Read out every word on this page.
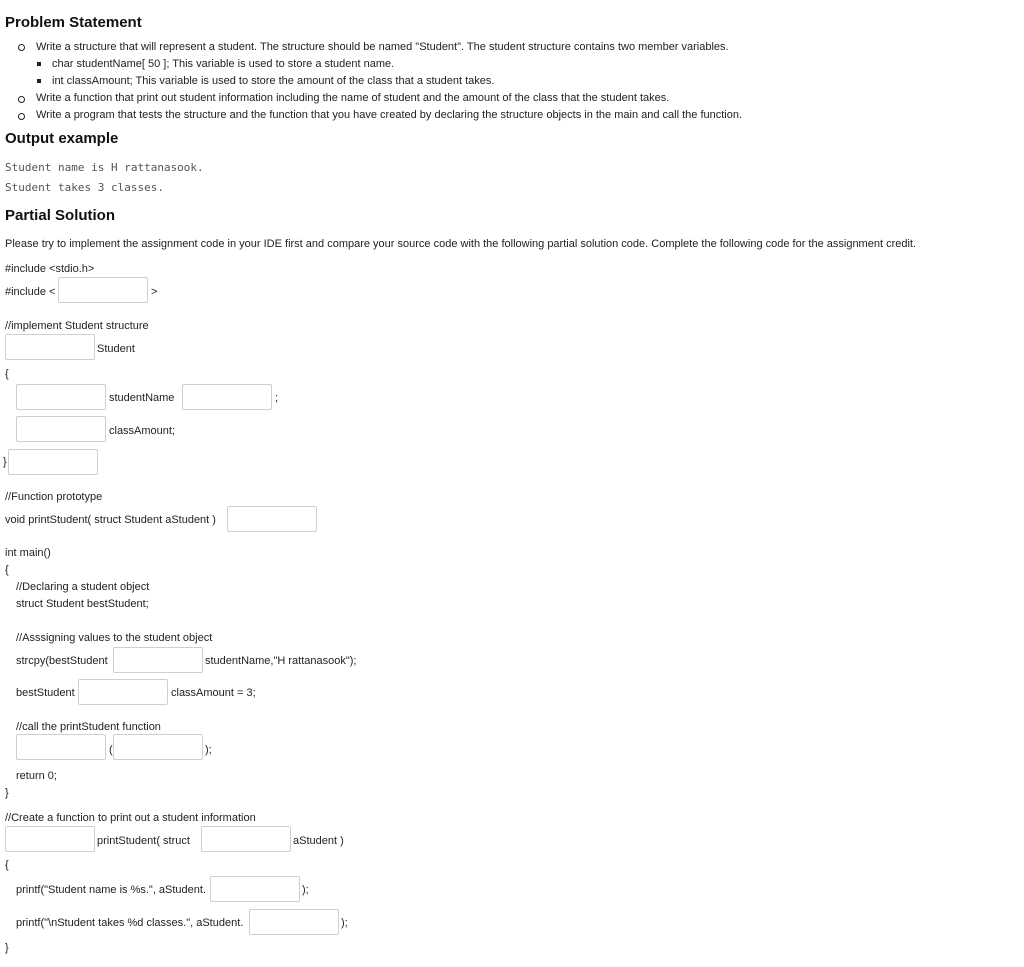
Problem Statement
Write a structure that will represent a student. The structure should be named "Student". The student structure contains two member variables.
char studentName[ 50 ]; This variable is used to store a student name.
int classAmount; This variable is used to store the amount of the class that a student takes.
Write a function that print out student information including the name of student and the amount of the class that the student takes.
Write a program that tests the structure and the function that you have created by declaring the structure objects in the main and call the function.
Output example
Student name is H rattanasook.
Student takes 3 classes.
Partial Solution
Please try to implement the assignment code in your IDE first and compare your source code with the following partial solution code. Complete the following code for the assignment credit.
#include <stdio.h>
#include <	>
//implement Student structure
Student
{
studentName	;
classAmount;
}
//Function prototype
void printStudent( struct Student aStudent )
int main()
{
//Declaring a student object
struct Student bestStudent;
//Asssigning values to the student object
strcpy(bestStudent	studentName,"H rattanasook");
bestStudent	classAmount = 3;
//call the printStudent function
(	);
return 0;
}
//Create a function to print out a student information
printStudent( struct	aStudent )
{
printf("Student name is %s.", aStudent.	);
printf("\nStudent takes %d classes.", aStudent.	);
}
